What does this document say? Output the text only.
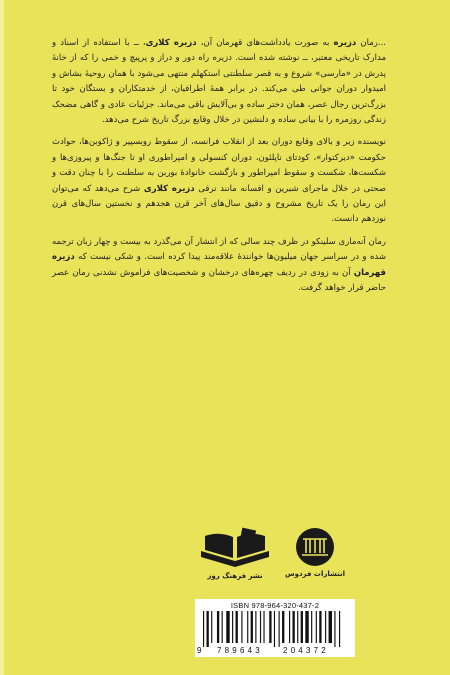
...رمان دزیره به صورت یادداشت‌های قهرمان آن، دزیره کلاری، ــ با استفاده از اسناد و مدارک تاریخی معتبر، ــ نوشته شده است. دزیره راه دور و دراز و پرپیچ و خمی را که از خانهٔ پدرش در «مارسی» شروع و به قصر سلطنتی استکهلم منتهی می‌شود با همان روحیهٔ بشاش و امیدوار دوران جوانی طی می‌کند. در برابر همهٔ اطرافیان، از خدمتکاران و بستگان خود تا بزرگ‌ترین رجال عصر، همان دختر ساده و بی‌آلایش باقی می‌ماند. جزئیات عادی و گاهی مضحک زندگی روزمره را با بیانی ساده و دلنشین در خلال وقایع بزرگ تاریخ شرح می‌دهد.

نویسنده زیر و بالای وقایع دوران بعد از انقلاب فرانسه، از سقوط روبسپیر و ژاکوبن‌ها، حوادث حکومت «دیرکتوار»، کودتای ناپلئون، دوران کنسولی و امپراطوری او تا جنگ‌ها و پیروزی‌ها و شکست‌ها، شکست و سقوط امپراطور و بازگشت خانوادهٔ بوربن به سلطنت را با چنان دقت و صحتی در خلال ماجرای شیرین و افسانه مانند ترقی دزیره کلاری شرح می‌دهد که می‌توان این رمان را یک تاریخ مشروح و دقیق سال‌های آخر قرن هجدهم و نخستین سال‌های قرن نوزدهم دانست.

رمان آنه‌ماری سلینکو در ظرف چند سالی که از انتشار آن می‌گذرد به بیست و چهار زبان ترجمه شده و در سراسر جهان میلیون‌ها خوانندهٔ علاقه‌مند پیدا کرده است. و شکی نیست که دزیره قهرمان آن به زودی در ردیف چهره‌های درخشان و شخصیت‌های فراموش نشدنی رمان عصر حاضر قرار خواهد گرفت.

نشر فرهنگ روز	انتشارات فردوس
ISBN 978-964-320-437-2
9 789643	204372
